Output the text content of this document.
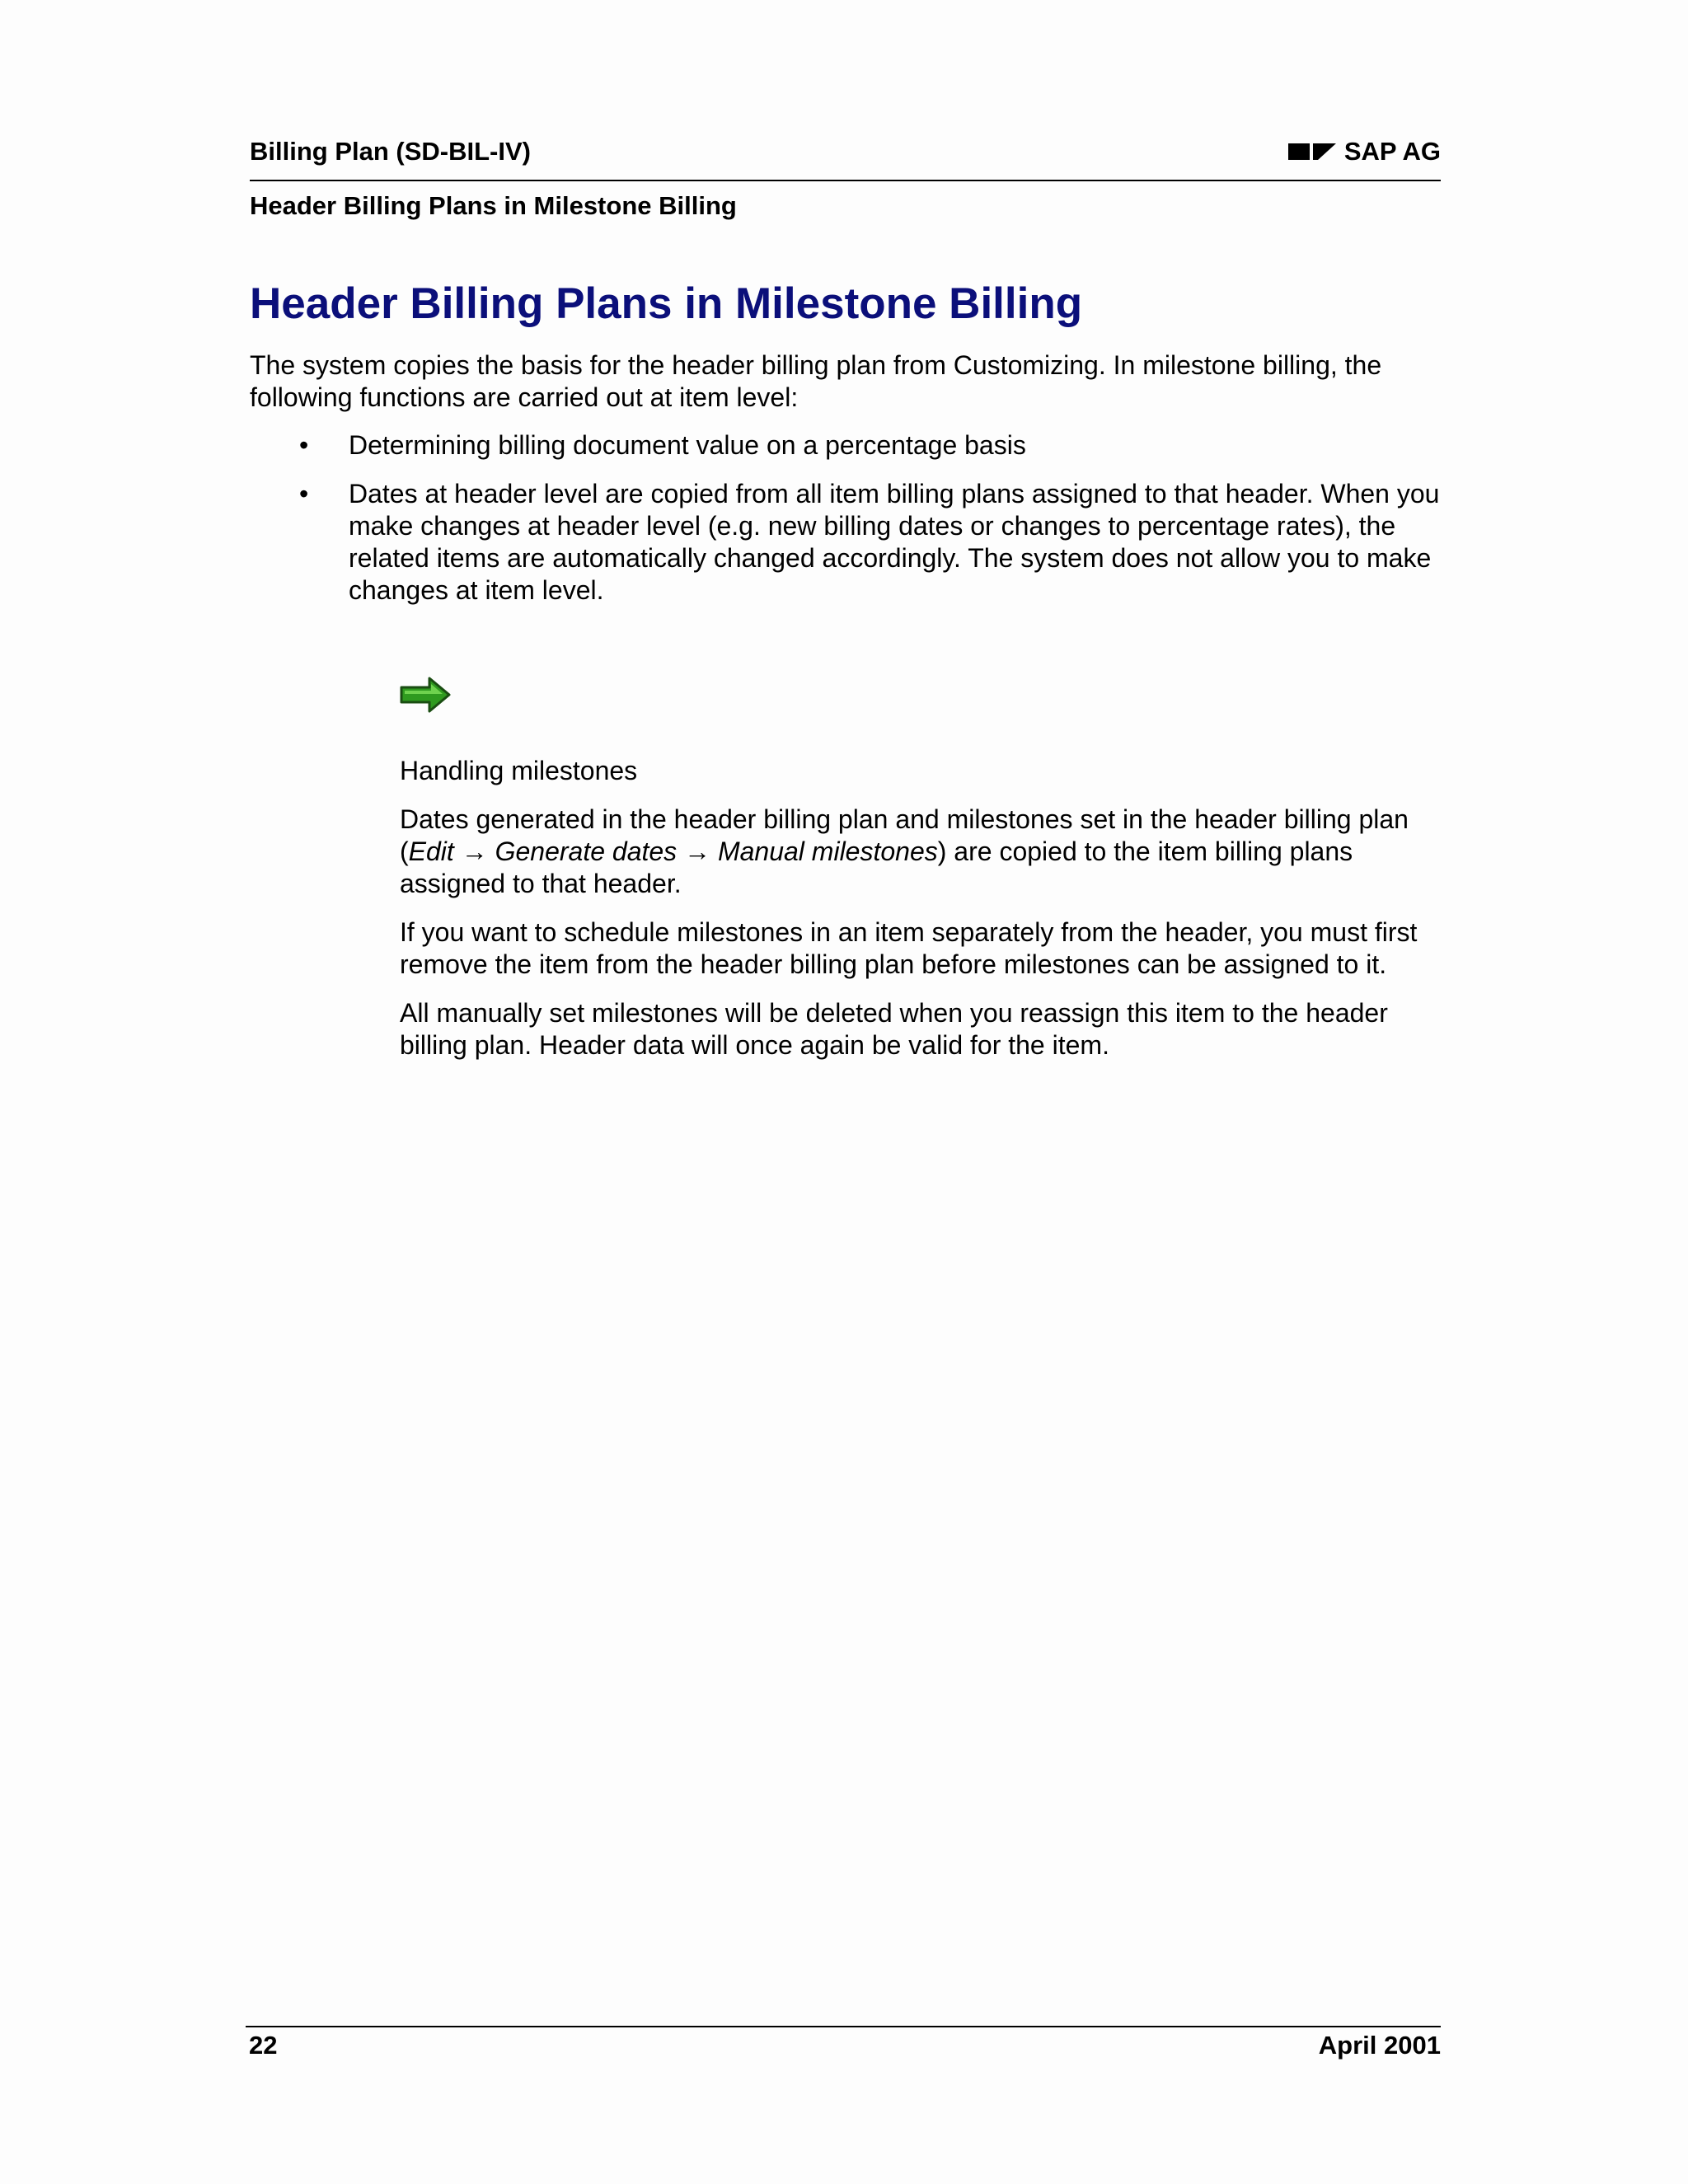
Billing Plan (SD-BIL-IV)	SAP AG
Header Billing Plans in Milestone Billing
Header Billing Plans in Milestone Billing

The system copies the basis for the header billing plan from Customizing. In milestone billing, the following functions are carried out at item level:

• Determining billing document value on a percentage basis
• Dates at header level are copied from all item billing plans assigned to that header. When you make changes at header level (e.g. new billing dates or changes to percentage rates), the related items are automatically changed accordingly. The system does not allow you to make changes at item level.
Handling milestones
Dates generated in the header billing plan and milestones set in the header billing plan (Edit → Generate dates → Manual milestones) are copied to the item billing plans assigned to that header.
If you want to schedule milestones in an item separately from the header, you must first remove the item from the header billing plan before milestones can be assigned to it.
All manually set milestones will be deleted when you reassign this item to the header billing plan. Header data will once again be valid for the item.
22	April 2001
